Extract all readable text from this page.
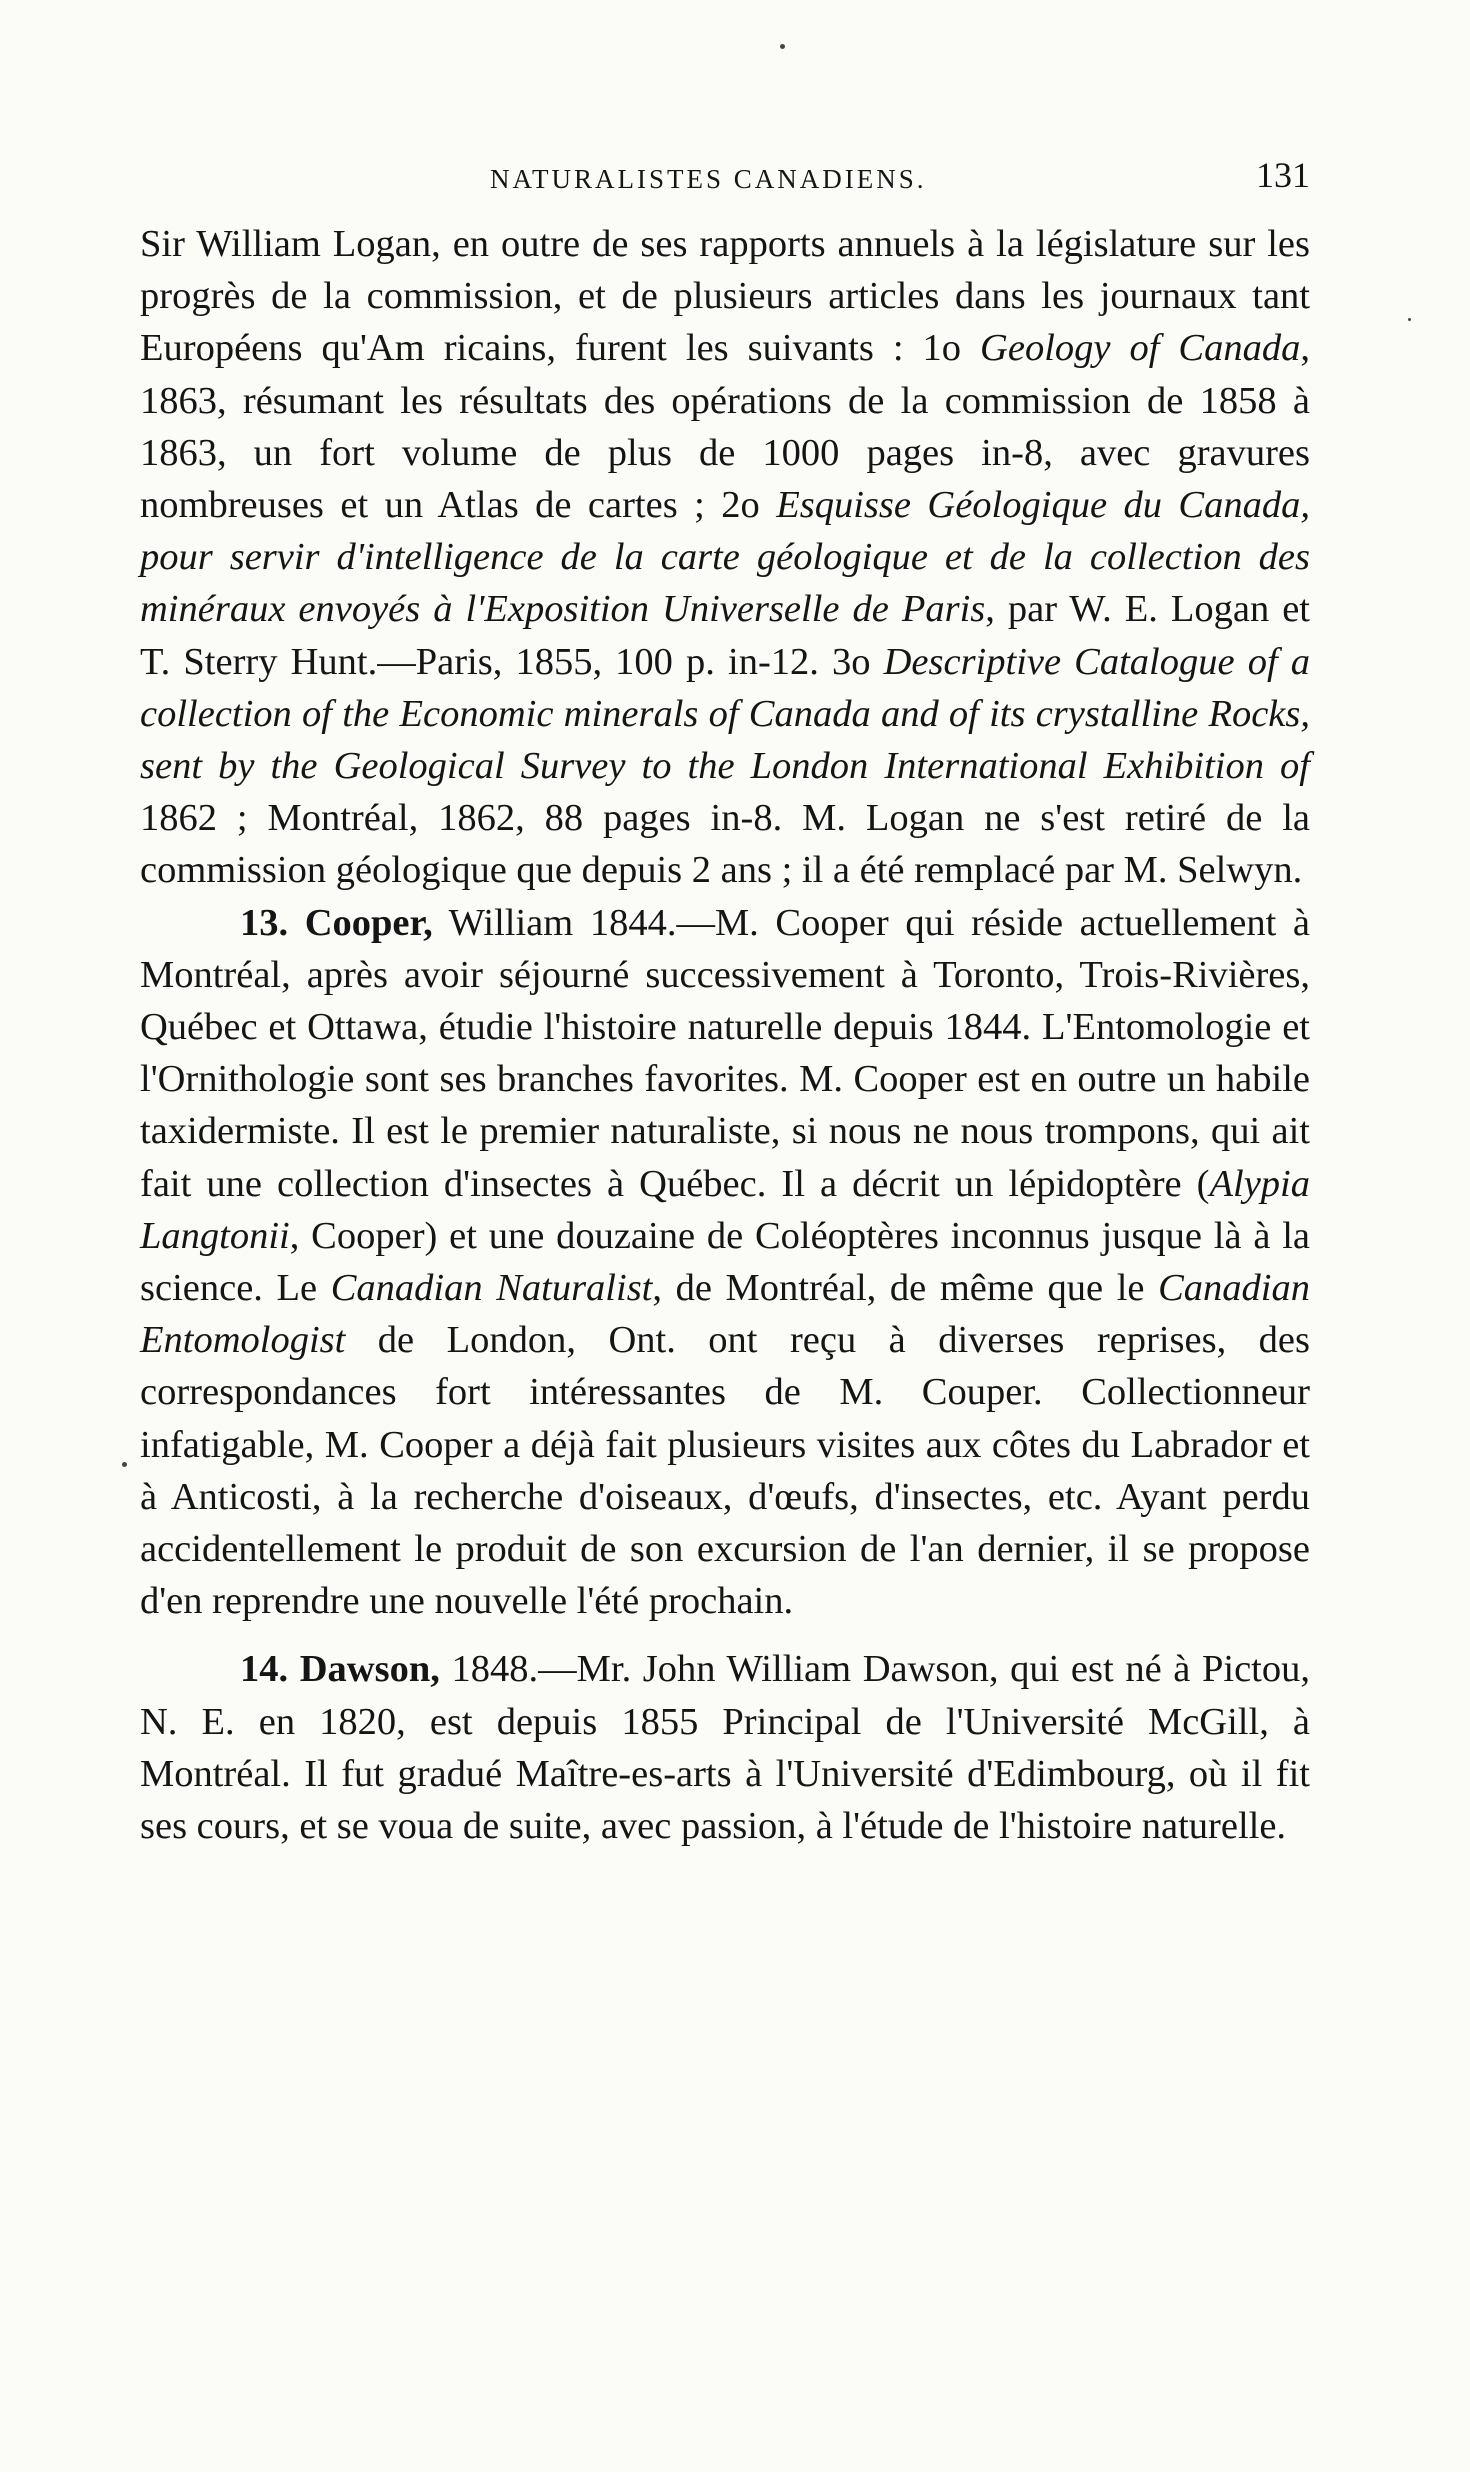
NATURALISTES CANADIENS.	131

Sir William Logan, en outre de ses rapports annuels à la législature sur les progrès de la commission, et de plusieurs articles dans les journaux tant Européens qu'Am ricains, furent les suivants : 1o Geology of Canada, 1863, résumant les résultats des opérations de la commission de 1858 à 1863, un fort volume de plus de 1000 pages in-8, avec gravures nombreuses et un Atlas de cartes ; 2o Esquisse Géologique du Canada, pour servir d'intelligence de la carte géologique et de la collection des minéraux envoyés à l'Exposition Universelle de Paris, par W. E. Logan et T. Sterry Hunt.—Paris, 1855, 100 p. in-12. 3o Descriptive Catalogue of a collection of the Economic minerals of Canada and of its crystalline Rocks, sent by the Geological Survey to the London International Exhibition of 1862 ; Montréal, 1862, 88 pages in-8. M. Logan ne s'est retiré de la commission géologique que depuis 2 ans ; il a été remplacé par M. Selwyn.

13. Cooper, William 1844.—M. Cooper qui réside actuellement à Montréal, après avoir séjourné successivement à Toronto, Trois-Rivières, Québec et Ottawa, étudie l'histoire naturelle depuis 1844. L'Entomologie et l'Ornithologie sont ses branches favorites. M. Cooper est en outre un habile taxidermiste. Il est le premier naturaliste, si nous ne nous trompons, qui ait fait une collection d'insectes à Québec. Il a décrit un lépidoptère (Alypia Langtonii, Cooper) et une douzaine de Coléoptères inconnus jusque là à la science. Le Canadian Naturalist, de Montréal, de même que le Canadian Entomologist de London, Ont. ont reçu à diverses reprises, des correspondances fort intéressantes de M. Couper. Collectionneur infatigable, M. Cooper a déjà fait plusieurs visites aux côtes du Labrador et à Anticosti, à la recherche d'oiseaux, d'œufs, d'insectes, etc. Ayant perdu accidentellement le produit de son excursion de l'an dernier, il se propose d'en reprendre une nouvelle l'été prochain.

14. Dawson, 1848.—Mr. John William Dawson, qui est né à Pictou, N. E. en 1820, est depuis 1855 Principal de l'Université McGill, à Montréal. Il fut gradué Maître-es-arts à l'Université d'Edimbourg, où il fit ses cours, et se voua de suite, avec passion, à l'étude de l'histoire naturelle.
